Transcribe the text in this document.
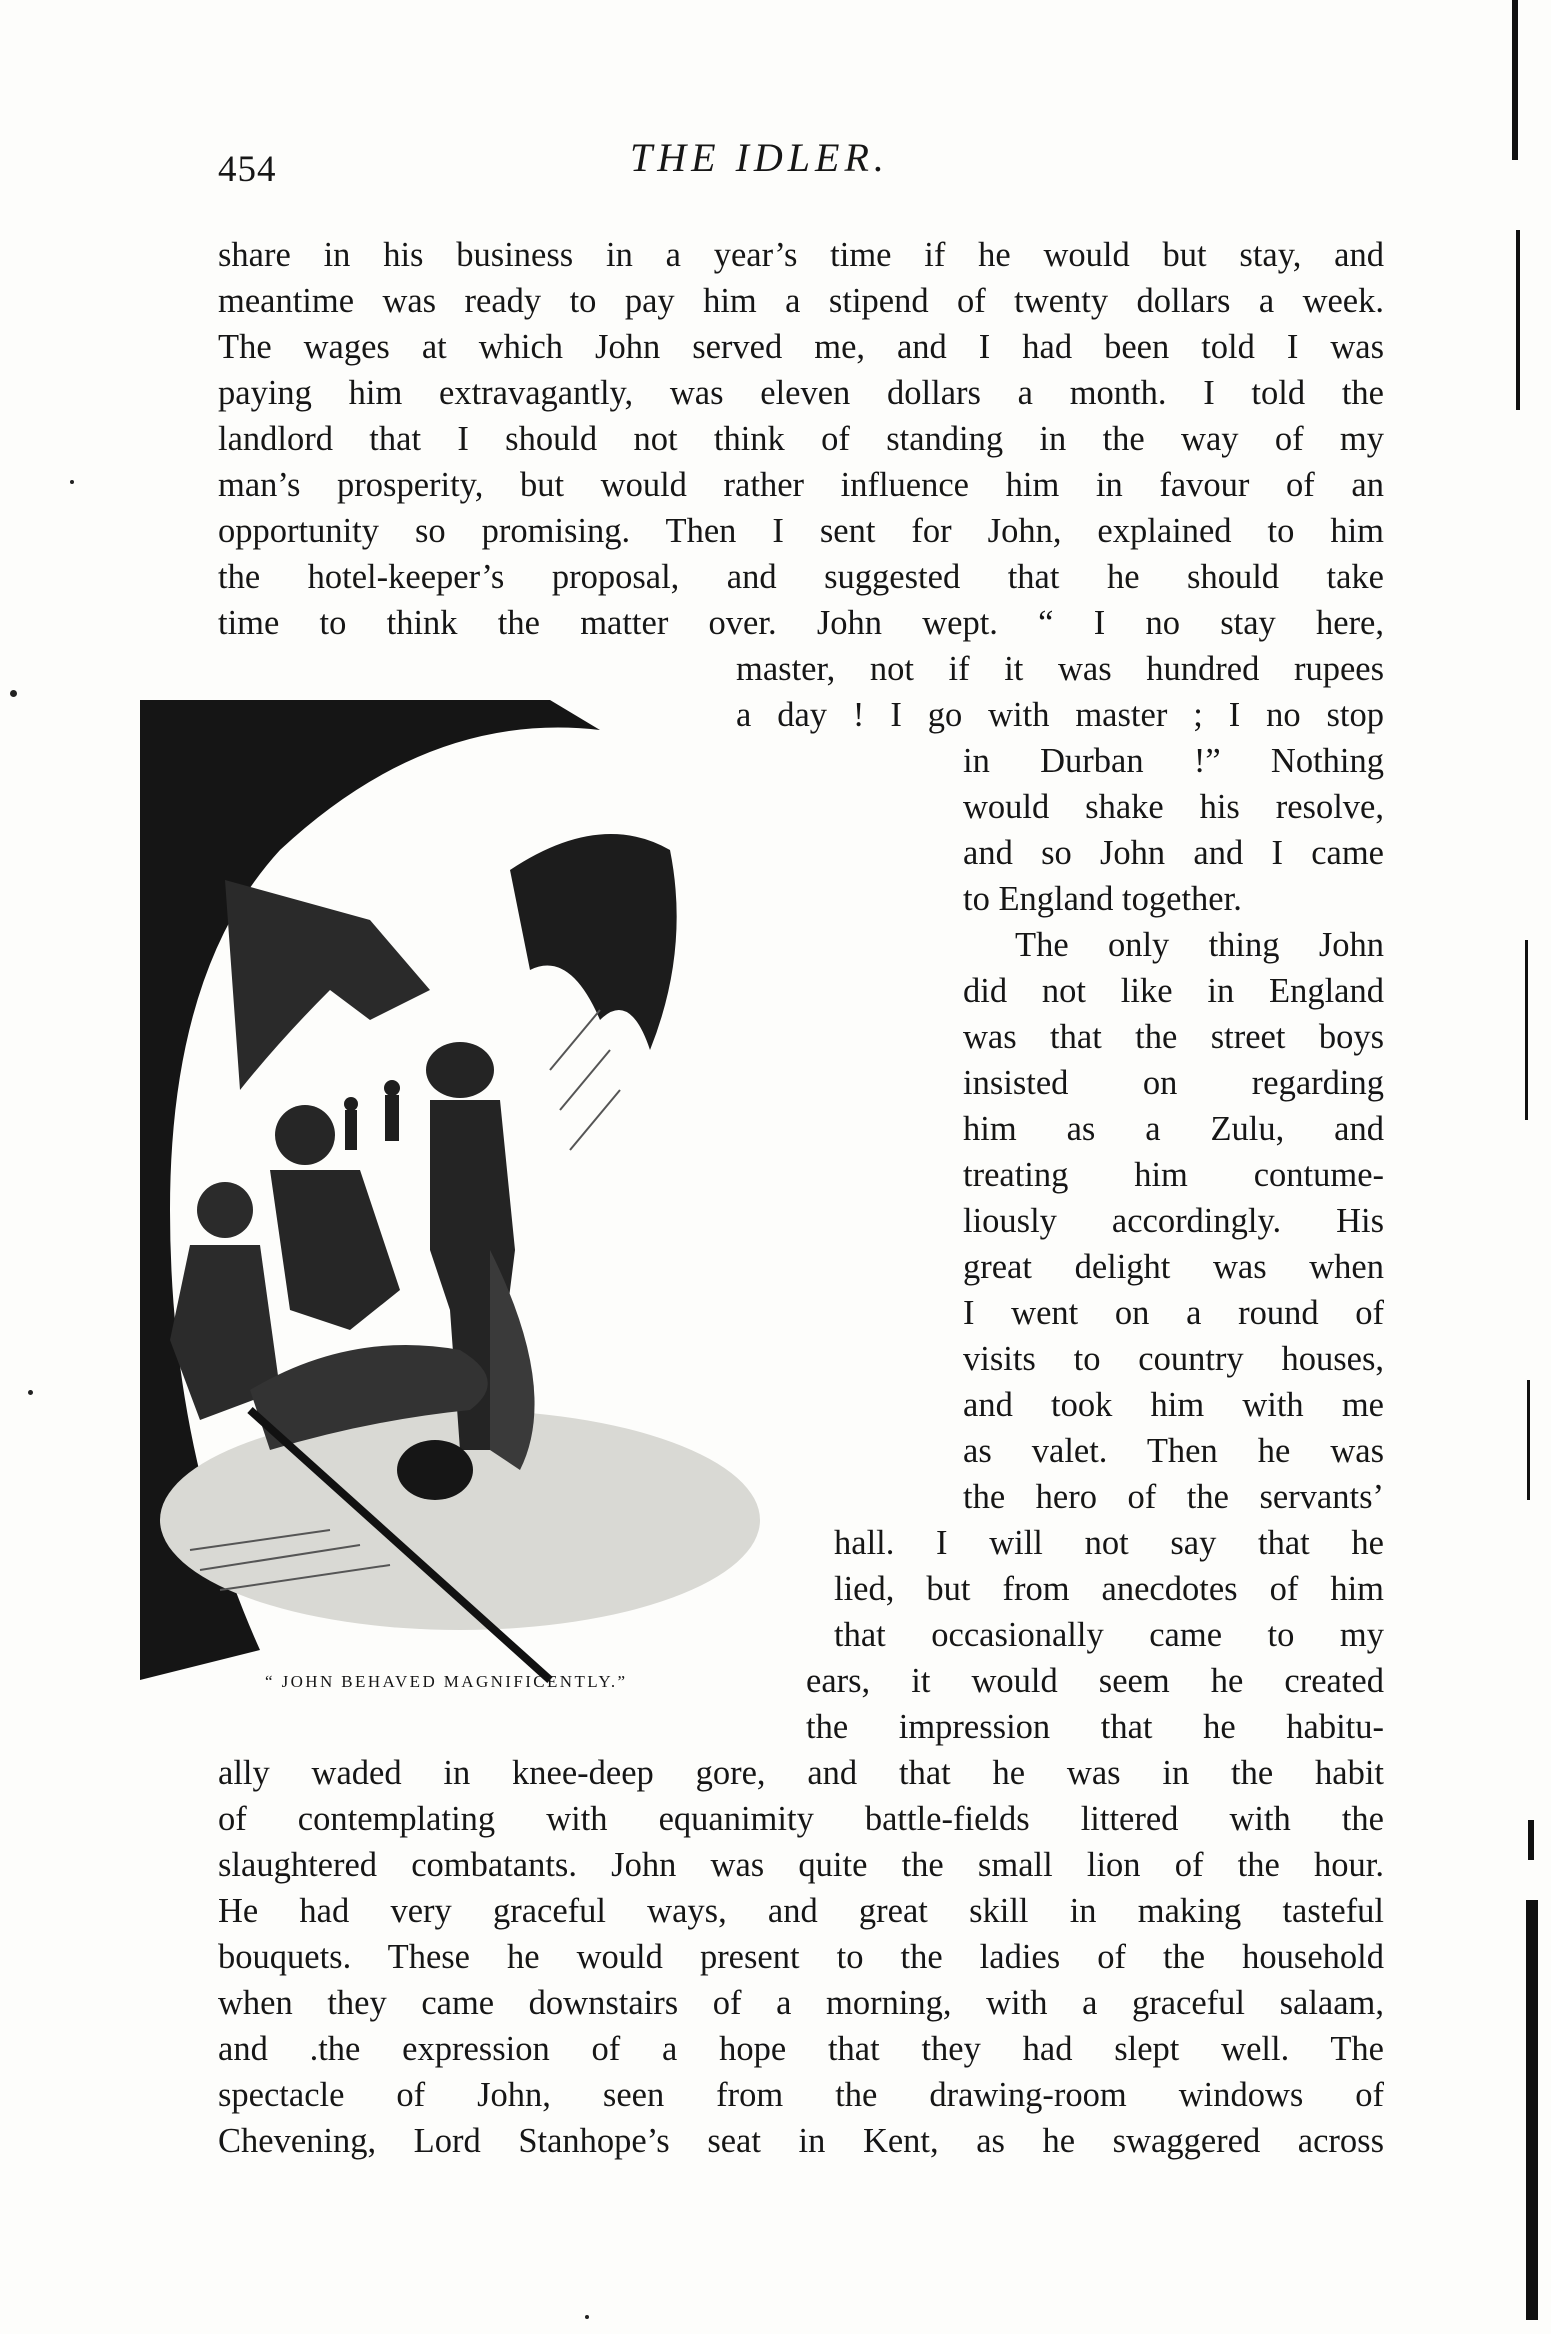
454	THE IDLER.
“ JOHN BEHAVED MAGNIFICENTLY.”
share in his business in a year’s time if he would but stay, and
meantime was ready to pay him a stipend of twenty dollars a week.
The wages at which John served me, and I had been told I was
paying him extravagantly, was eleven dollars a month. I told the
landlord that I should not think of standing in the way of my
man’s prosperity, but would rather influence him in favour of an
opportunity so promising. Then I sent for John, explained to him
the hotel-keeper’s proposal, and suggested that he should take
time to think the matter over. John wept. “ I no stay here,
master, not if it was hundred rupees
a day ! I go with master ; I no stop
in Durban !” Nothing
would shake his resolve,
and so John and I came
to England together.
The only thing John
did not like in England
was that the street boys
insisted on regarding
him as a Zulu, and
treating him contume-
liously accordingly. His
great delight was when
I went on a round of
visits to country houses,
and took him with me
as valet. Then he was
the hero of the servants’
hall. I will not say that he
lied, but from anecdotes of him
that occasionally came to my
ears, it would seem he created
the impression that he habitu-
ally waded in knee-deep gore, and that he was in the habit
of contemplating with equanimity battle-fields littered with the
slaughtered combatants. John was quite the small lion of the hour.
He had very graceful ways, and great skill in making tasteful
bouquets. These he would present to the ladies of the household
when they came downstairs of a morning, with a graceful salaam,
and .the expression of a hope that they had slept well. The
spectacle of John, seen from the drawing-room windows of
Chevening, Lord Stanhope’s seat in Kent, as he swaggered across
